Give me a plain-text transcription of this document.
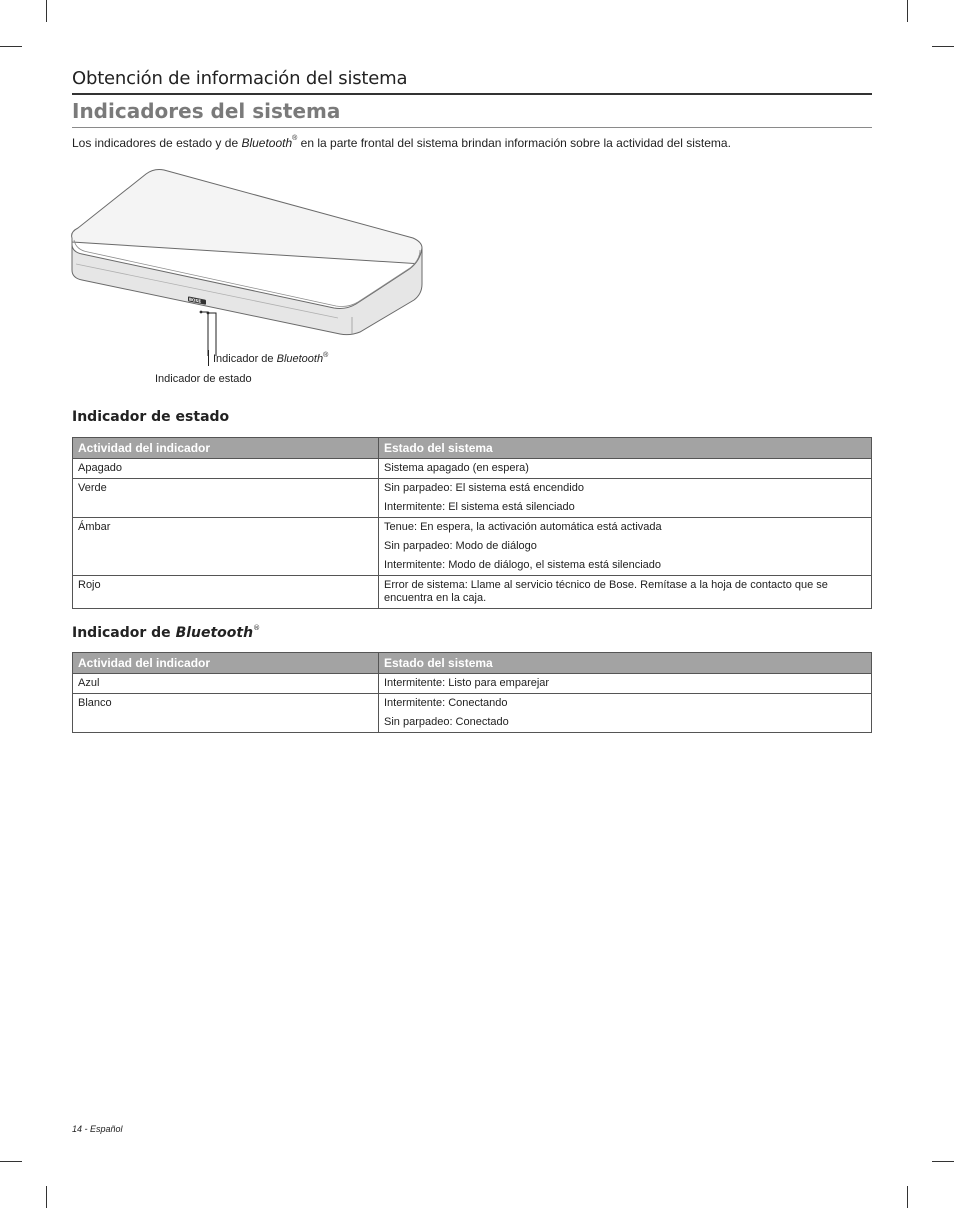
Obtención de información del sistema
Indicadores del sistema

Los indicadores de estado y de Bluetooth® en la parte frontal del sistema brindan información sobre la actividad del sistema.

BOSE
Indicador de Bluetooth®
Indicador de estado
Indicador de estado
Actividad del indicador	Estado del sistema
Apagado	Sistema apagado (en espera)

Verde	Sin parpadeo: El sistema está encendido
Intermitente: El sistema está silenciado

Ámbar	Tenue: En espera, la activación automática está activada
Sin parpadeo: Modo de diálogo
Intermitente: Modo de diálogo, el sistema está silenciado

Rojo	Error de sistema: Llame al servicio técnico de Bose. Remítase a la hoja de contacto que se encuentra en la caja.
Indicador de Bluetooth®
Actividad del indicador	Estado del sistema
Azul	Intermitente: Listo para emparejar

Blanco	Intermitente: Conectando
Sin parpadeo: Conectado
14 - Español
